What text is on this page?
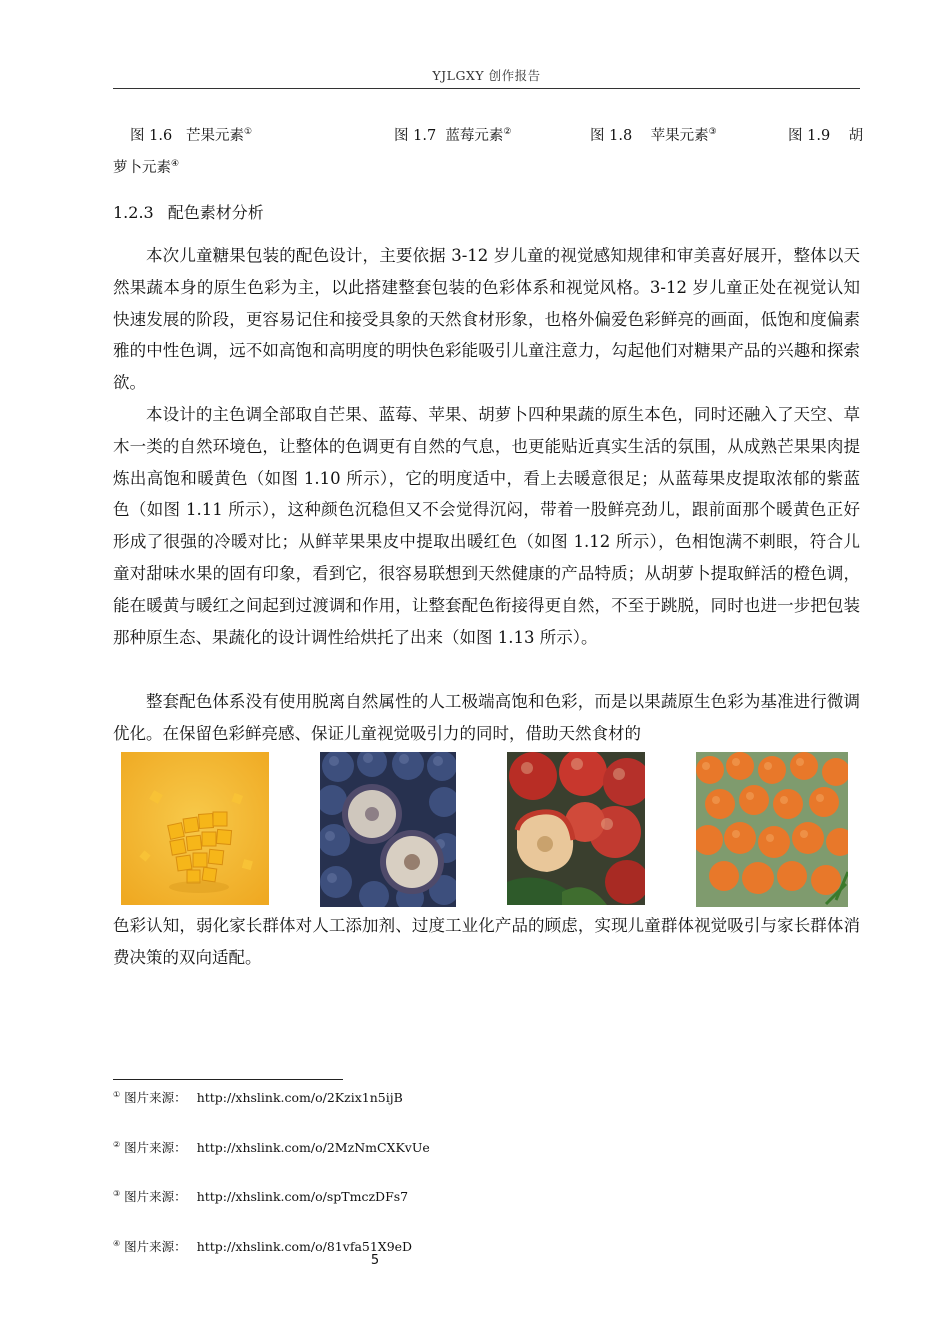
YJLGXY 创作报告
图 1.6 芒果元素①	图 1.7 蓝莓元素②	图 1.8 苹果元素③	图 1.9 胡
萝卜元素④
1.2.3 配色素材分析

本次儿童糖果包装的配色设计，主要依据 3-12 岁儿童的视觉感知规律和审美喜好展开，整体以天然果蔬本身的原生色彩为主，以此搭建整套包装的色彩体系和视觉风格。3-12 岁儿童正处在视觉认知快速发展的阶段，更容易记住和接受具象的天然食材形象，也格外偏爱色彩鲜亮的画面，低饱和度偏素雅的中性色调，远不如高饱和高明度的明快色彩能吸引儿童注意力，勾起他们对糖果产品的兴趣和探索欲。

本设计的主色调全部取自芒果、蓝莓、苹果、胡萝卜四种果蔬的原生本色，同时还融入了天空、草木一类的自然环境色，让整体的色调更有自然的气息，也更能贴近真实生活的氛围，从成熟芒果果肉提炼出高饱和暖黄色（如图 1.10 所示），它的明度适中，看上去暖意很足；从蓝莓果皮提取浓郁的紫蓝色（如图 1.11 所示），这种颜色沉稳但又不会觉得沉闷，带着一股鲜亮劲儿，跟前面那个暖黄色正好形成了很强的冷暖对比；从鲜苹果果皮中提取出暖红色（如图 1.12 所示），色相饱满不刺眼，符合儿童对甜味水果的固有印象，看到它，很容易联想到天然健康的产品特质；从胡萝卜提取鲜活的橙色调，能在暖黄与暖红之间起到过渡调和作用，让整套配色衔接得更自然，不至于跳脱，同时也进一步把包装那种原生态、果蔬化的设计调性给烘托了出来（如图 1.13 所示）。

整套配色体系没有使用脱离自然属性的人工极端高饱和色彩，而是以果蔬原生色彩为基准进行微调优化。在保留色彩鲜亮感、保证儿童视觉吸引力的同时，借助天然食材的

色彩认知，弱化家长群体对人工添加剂、过度工业化产品的顾虑，实现儿童群体视觉吸引与家长群体消费决策的双向适配。

① 图片来源： http://xhslink.com/o/2Kzix1n5ijB
② 图片来源： http://xhslink.com/o/2MzNmCXKvUe
③ 图片来源： http://xhslink.com/o/spTmczDFs7
④ 图片来源： http://xhslink.com/o/81vfa51X9eD
5
